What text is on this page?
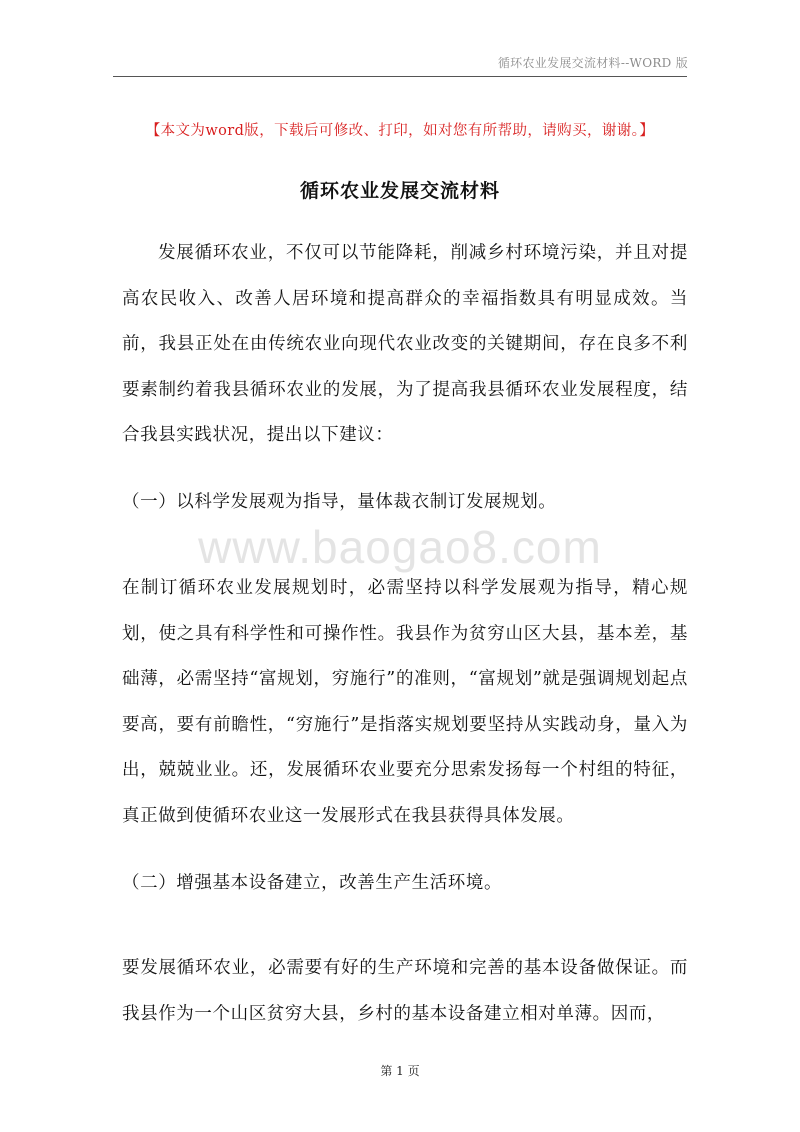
循环农业发展交流材料--WORD 版
【本文为word版，下载后可修改、打印，如对您有所帮助，请购买，谢谢。】
循环农业发展交流材料

发展循环农业，不仅可以节能降耗，削减乡村环境污染，并且对提高农民收入、改善人居环境和提高群众的幸福指数具有明显成效。当前，我县正处在由传统农业向现代农业改变的关键期间，存在良多不利要素制约着我县循环农业的发展，为了提高我县循环农业发展程度，结合我县实践状况，提出以下建议：

（一）以科学发展观为指导，量体裁衣制订发展规划。
www.baogao8.com

在制订循环农业发展规划时，必需坚持以科学发展观为指导，精心规划，使之具有科学性和可操作性。我县作为贫穷山区大县，基本差，基础薄，必需坚持“富规划，穷施行”的准则，“富规划”就是强调规划起点要高，要有前瞻性，“穷施行”是指落实规划要坚持从实践动身，量入为出，兢兢业业。还，发展循环农业要充分思索发扬每一个村组的特征，真正做到使循环农业这一发展形式在我县获得具体发展。

（二）增强基本设备建立，改善生产生活环境。

要发展循环农业，必需要有好的生产环境和完善的基本设备做保证。而我县作为一个山区贫穷大县，乡村的基本设备建立相对单薄。因而，

第 1 页
